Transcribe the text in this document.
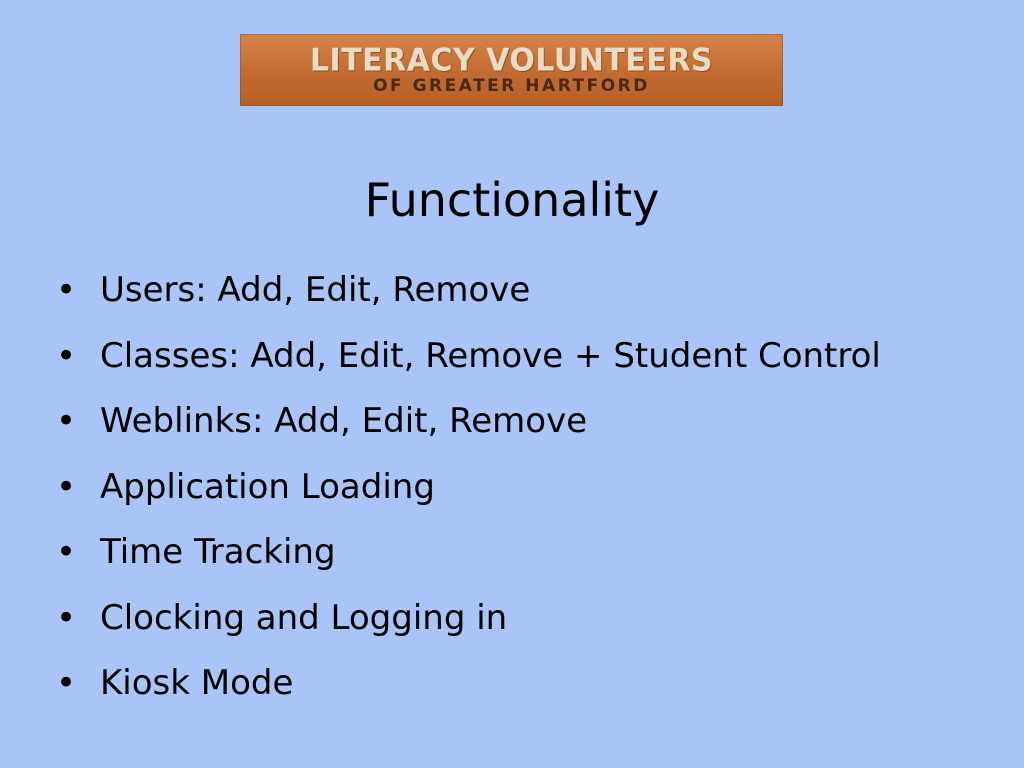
LITERACY VOLUNTEERS
OF GREATER HARTFORD
Functionality
• Users: Add, Edit, Remove
• Classes: Add, Edit, Remove + Student Control
• Weblinks: Add, Edit, Remove
• Application Loading
• Time Tracking
• Clocking and Logging in
• Kiosk Mode
